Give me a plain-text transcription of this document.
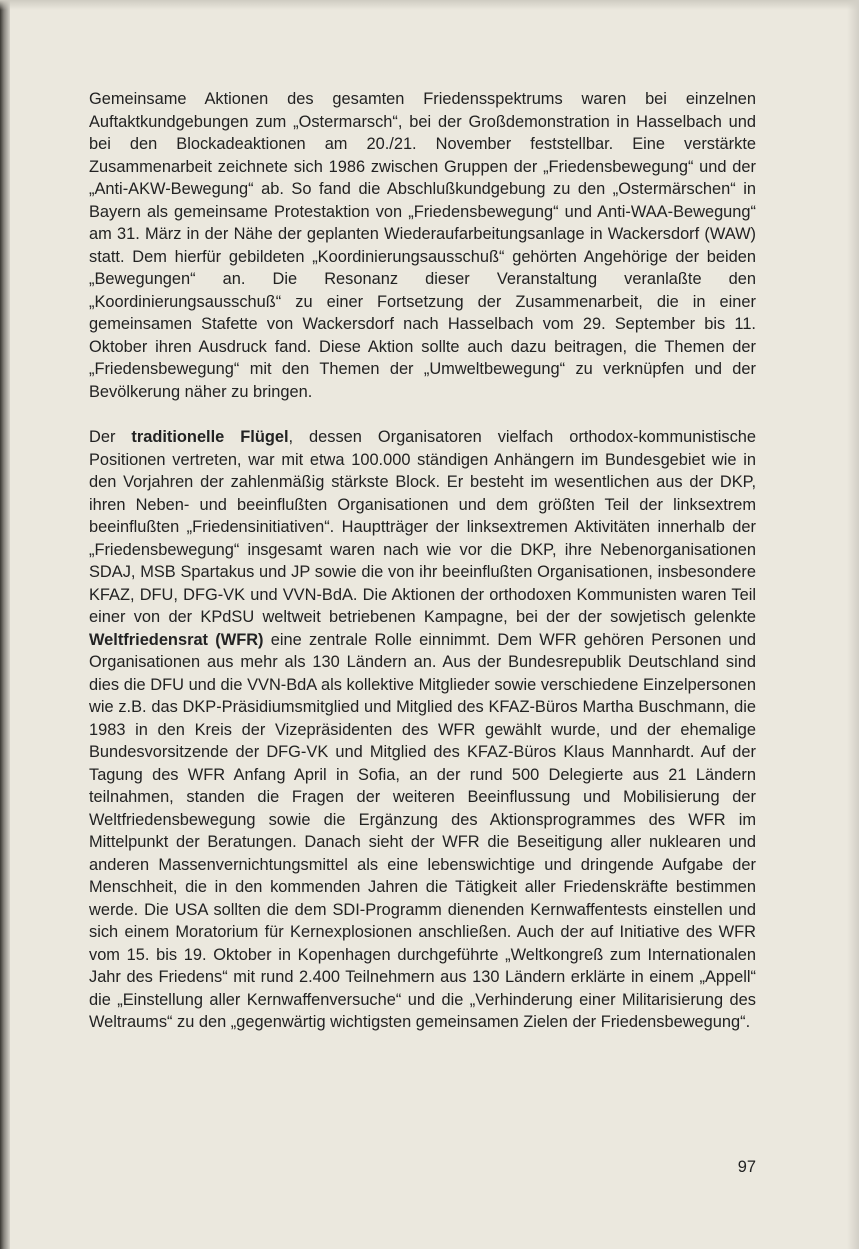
Gemeinsame Aktionen des gesamten Friedensspektrums waren bei einzelnen Auftaktkundgebungen zum „Ostermarsch“, bei der Großdemonstration in Hasselbach und bei den Blockadeaktionen am 20./21. November feststellbar. Eine verstärkte Zusammenarbeit zeichnete sich 1986 zwischen Gruppen der „Friedensbewegung“ und der „Anti-AKW-Bewegung“ ab. So fand die Abschlußkundgebung zu den „Ostermärschen“ in Bayern als gemeinsame Protestaktion von „Friedensbewegung“ und Anti-WAA-Bewegung“ am 31. März in der Nähe der geplanten Wiederaufarbeitungsanlage in Wackersdorf (WAW) statt. Dem hierfür gebildeten „Koordinierungsausschuß“ gehörten Angehörige der beiden „Bewegungen“ an. Die Resonanz dieser Veranstaltung veranlaßte den „Koordinierungsausschuß“ zu einer Fortsetzung der Zusammenarbeit, die in einer gemeinsamen Stafette von Wackersdorf nach Hasselbach vom 29. September bis 11. Oktober ihren Ausdruck fand. Diese Aktion sollte auch dazu beitragen, die Themen der „Friedensbewegung“ mit den Themen der „Umweltbewegung“ zu verknüpfen und der Bevölkerung näher zu bringen.

Der traditionelle Flügel, dessen Organisatoren vielfach orthodox-kommunistische Positionen vertreten, war mit etwa 100.000 ständigen Anhängern im Bundesgebiet wie in den Vorjahren der zahlenmäßig stärkste Block. Er besteht im wesentlichen aus der DKP, ihren Neben- und beeinflußten Organisationen und dem größten Teil der linksextrem beeinflußten „Friedensinitiativen“. Hauptträger der linksextremen Aktivitäten innerhalb der „Friedensbewegung“ insgesamt waren nach wie vor die DKP, ihre Nebenorganisationen SDAJ, MSB Spartakus und JP sowie die von ihr beeinflußten Organisationen, insbesondere KFAZ, DFU, DFG-VK und VVN-BdA. Die Aktionen der orthodoxen Kommunisten waren Teil einer von der KPdSU weltweit betriebenen Kampagne, bei der der sowjetisch gelenkte Weltfriedensrat (WFR) eine zentrale Rolle einnimmt. Dem WFR gehören Personen und Organisationen aus mehr als 130 Ländern an. Aus der Bundesrepublik Deutschland sind dies die DFU und die VVN-BdA als kollektive Mitglieder sowie verschiedene Einzelpersonen wie z.B. das DKP-Präsidiumsmitglied und Mitglied des KFAZ-Büros Martha Buschmann, die 1983 in den Kreis der Vizepräsidenten des WFR gewählt wurde, und der ehemalige Bundesvorsitzende der DFG-VK und Mitglied des KFAZ-Büros Klaus Mannhardt. Auf der Tagung des WFR Anfang April in Sofia, an der rund 500 Delegierte aus 21 Ländern teilnahmen, standen die Fragen der weiteren Beeinflussung und Mobilisierung der Weltfriedensbewegung sowie die Ergänzung des Aktionsprogrammes des WFR im Mittelpunkt der Beratungen. Danach sieht der WFR die Beseitigung aller nuklearen und anderen Massenvernichtungsmittel als eine lebenswichtige und dringende Aufgabe der Menschheit, die in den kommenden Jahren die Tätigkeit aller Friedenskräfte bestimmen werde. Die USA sollten die dem SDI-Programm dienenden Kernwaffentests einstellen und sich einem Moratorium für Kernexplosionen anschließen. Auch der auf Initiative des WFR vom 15. bis 19. Oktober in Kopenhagen durchgeführte „Weltkongreß zum Internationalen Jahr des Friedens“ mit rund 2.400 Teilnehmern aus 130 Ländern erklärte in einem „Appell“ die „Einstellung aller Kernwaffenversuche“ und die „Verhinderung einer Militarisierung des Weltraums“ zu den „gegenwärtig wichtigsten gemeinsamen Zielen der Friedensbewegung“.

97
